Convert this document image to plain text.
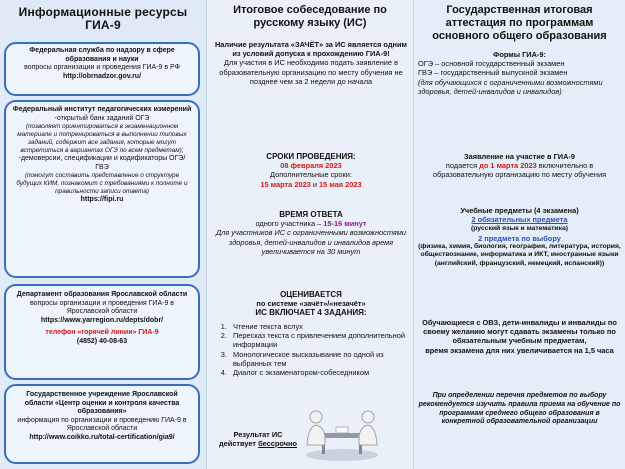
Информационные ресурсы ГИА-9
Федеральная служба по надзору в сфере образования и науки
вопросы организации и проведения ГИА-9 в РФ
http://obrnadzor.gov.ru/
Федеральный институт педагогических измерений
-открытый банк заданий ОГЭ
(позволяет ориентироваться в экзаменационном материале и потренироваться в выполнении типовых заданий, содержит все задания, которые могут встретиться в вариантах ОГЭ по всем предметам);
-демоверсии, спецификации и кодификаторы ОГЭ/ГВЭ
(помогут составить представление о структуре будущих КИМ, познакомит с требованиями к полноте и правильности записи ответа)
https://fipi.ru
Департамент образования Ярославской области
вопросы организации и проведения ГИА-9 в Ярославской области
https://www.yarregion.ru/depts/dobr/
телефон «горячей линии» ГИА-9
(4852) 40-08-63
Государственное учреждение Ярославской области «Центр оценки и контроля качества образования»
информация по организации и проведению ГИА-9 в Ярославской области
http://www.coikko.ru/total-certification/gia9/
Итоговое собеседование по русскому языку (ИС)
Наличие результата «ЗАЧЁТ» за ИС является одним из условий допуска к прохождению ГИА-9!
Для участия в ИС необходимо подать заявление в образовательную организацию по месту обучения не позднее чем за 2 недели до начала
СРОКИ ПРОВЕДЕНИЯ:
08 февраля 2023
Дополнительные сроки:
15 марта 2023 и 15 мая 2023
ВРЕМЯ ОТВЕТА
одного участника – 15-16 минут
Для участников ИС с ограниченными возможностями здоровья, детей-инвалидов и инвалидов время увеличивается на 30 минут
ОЦЕНИВАЕТСЯ
по системе «зачёт»/«незачёт»
ИС ВКЛЮЧАЕТ 4 ЗАДАНИЯ:
1. Чтение текста вслух
2. Пересказ текста с привлечением дополнительной информации
3. Монологическое высказывание по одной из выбранных тем
4. Диалог с экзаменатором-собеседником
Результат ИС действует бессрочно
Государственная итоговая аттестация по программам основного общего образования
Формы ГИА-9:
ОГЭ – основной государственный экзамен
ГВЭ – государственный выпускной экзамен
(для обучающихся с ограниченными возможностями здоровья, детей-инвалидов и инвалидов)
Заявление на участие в ГИА-9
подается до 1 марта 2023 включительно в образовательную организацию по месту обучения
Учебные предметы (4 экзамена)
2 обязательных предмета
(русский язык и математика)
2 предмета по выбору
(физика, химия, биология, география, литература, история, обществознание, информатика и ИКТ, иностранные языки (английский, французский, немецкий, испанский))
Обучающиеся с ОВЗ, дети-инвалиды и инвалиды по своему желанию могут сдавать экзамены только по обязательным учебным предметам,
время экзамена для них увеличивается на 1,5 часа
При определении перечня предметов по выбору рекомендуется изучить правила приема на обучение по программам среднего общего образования в конкретной образовательной организации
